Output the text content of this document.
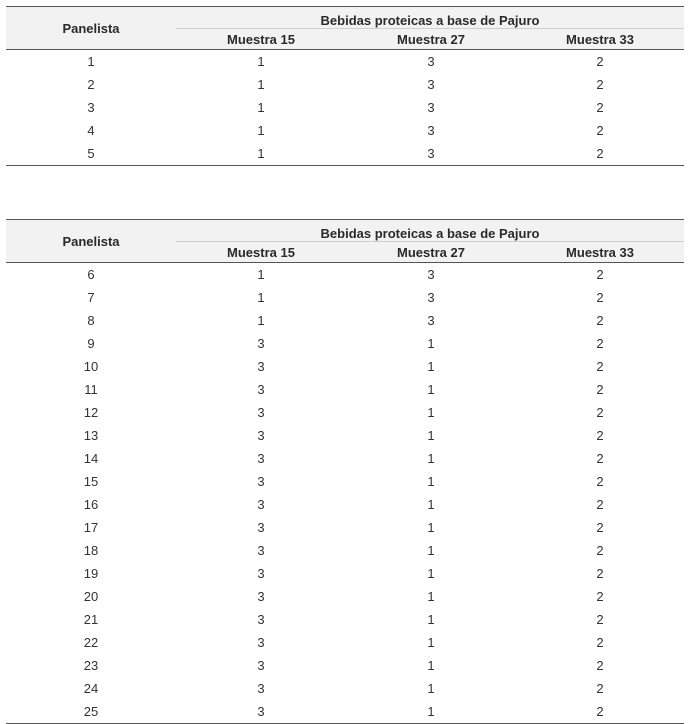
Panelista	Bebidas proteicas a base de Pajuro		

	Muestra 15	Muestra 27	Muestra 33
1	1	3	2
2	1	3	2
3	1	3	2
4	1	3	2
5	1	3	2
Panelista	Bebidas proteicas a base de Pajuro		

	Muestra 15	Muestra 27	Muestra 33
6	1	3	2
7	1	3	2
8	1	3	2
9	3	1	2
10	3	1	2
11	3	1	2
12	3	1	2
13	3	1	2
14	3	1	2
15	3	1	2
16	3	1	2
17	3	1	2
18	3	1	2
19	3	1	2
20	3	1	2
21	3	1	2
22	3	1	2
23	3	1	2
24	3	1	2
25	3	1	2
